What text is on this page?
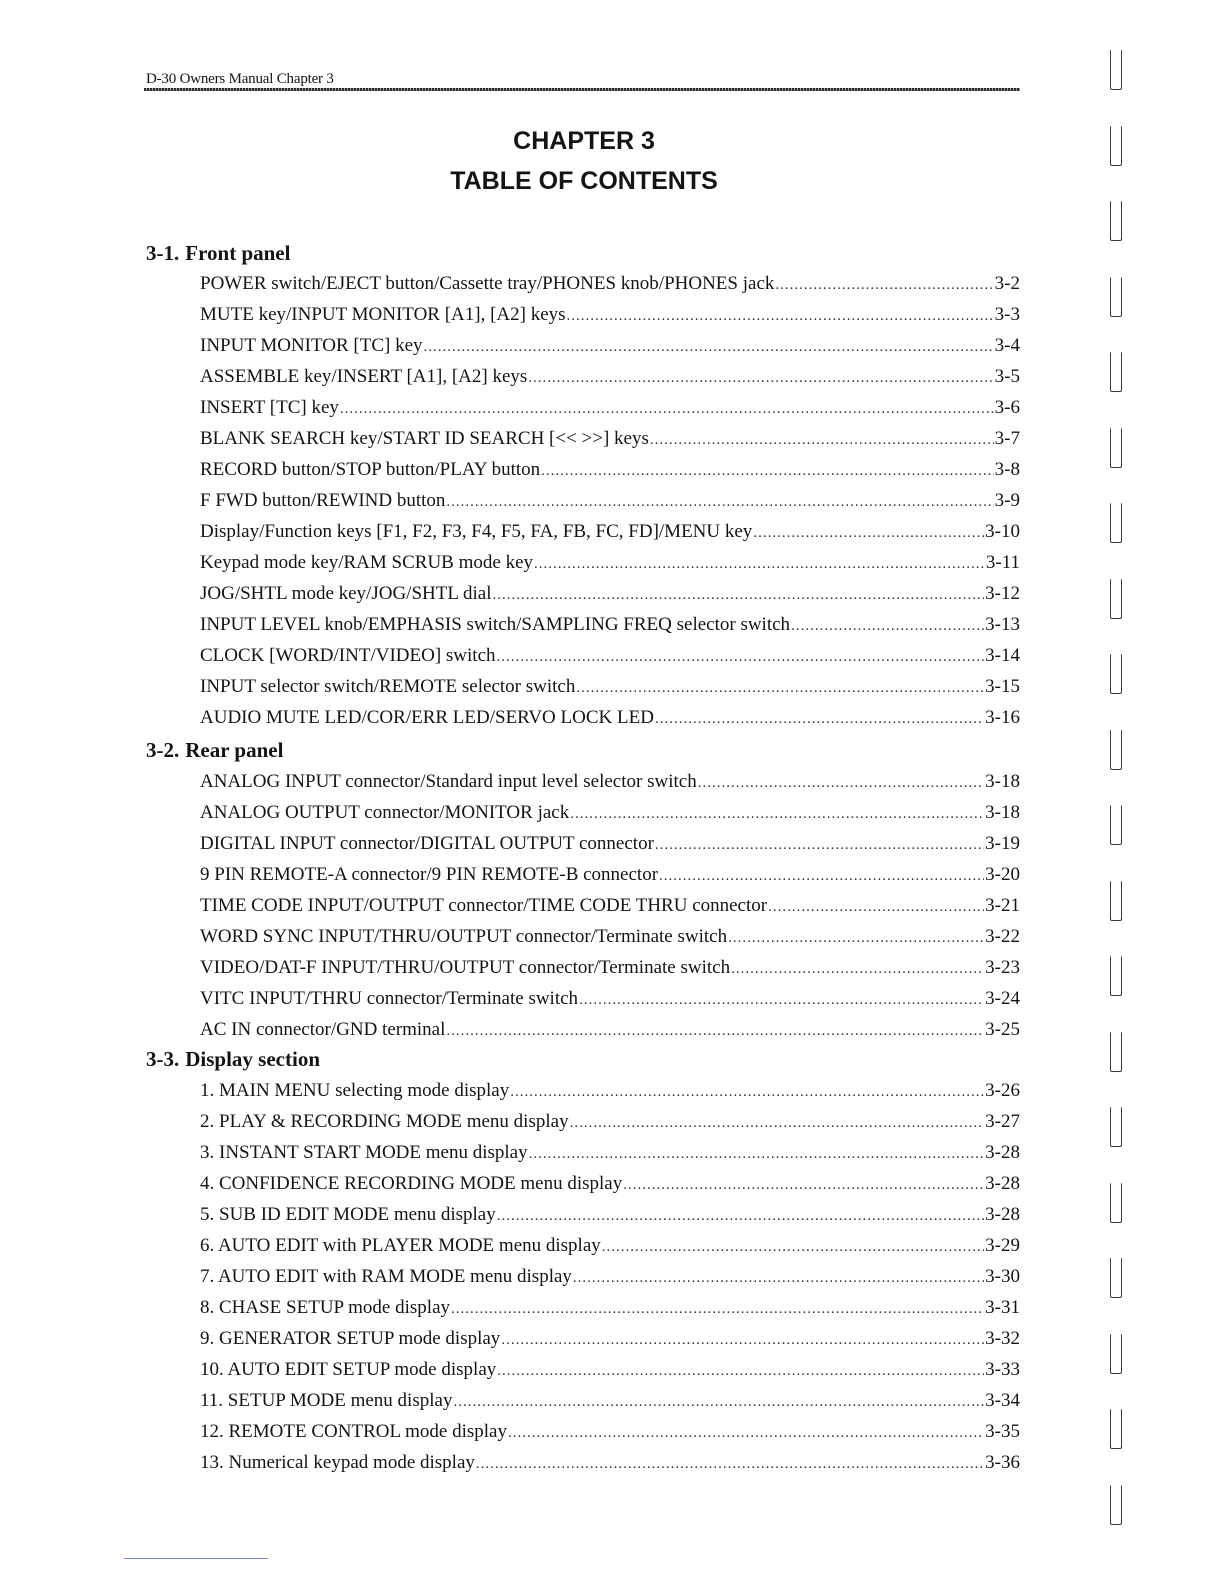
D-30 Owners Manual Chapter 3
CHAPTER 3
TABLE OF CONTENTS
3-1. Front panel
POWER switch/EJECT button/Cassette tray/PHONES knob/PHONES jack .....	3-2
MUTE key/INPUT MONITOR [A1], [A2] keys .....	3-3
INPUT MONITOR [TC] key .....	3-4
ASSEMBLE key/INSERT [A1], [A2] keys .....	3-5
INSERT [TC] key .....	3-6
BLANK SEARCH key/START ID SEARCH [<< >>] keys .....	3-7
RECORD button/STOP button/PLAY button .....	3-8
F FWD button/REWIND button .....	3-9
Display/Function keys [F1, F2, F3, F4, F5, FA, FB, FC, FD]/MENU key .....	3-10
Keypad mode key/RAM SCRUB mode key .....	3-11
JOG/SHTL mode key/JOG/SHTL dial .....	3-12
INPUT LEVEL knob/EMPHASIS switch/SAMPLING FREQ selector switch .....	3-13
CLOCK [WORD/INT/VIDEO] switch .....	3-14
INPUT selector switch/REMOTE selector switch .....	3-15
AUDIO MUTE LED/COR/ERR LED/SERVO LOCK LED .....	3-16
3-2. Rear panel
ANALOG INPUT connector/Standard input level selector switch .....	3-18
ANALOG OUTPUT connector/MONITOR jack .....	3-18
DIGITAL INPUT connector/DIGITAL OUTPUT connector .....	3-19
9 PIN REMOTE-A connector/9 PIN REMOTE-B connector .....	3-20
TIME CODE INPUT/OUTPUT connector/TIME CODE THRU connector .....	3-21
WORD SYNC INPUT/THRU/OUTPUT connector/Terminate switch .....	3-22
VIDEO/DAT-F INPUT/THRU/OUTPUT connector/Terminate switch .....	3-23
VITC INPUT/THRU connector/Terminate switch .....	3-24
AC IN connector/GND terminal .....	3-25
3-3. Display section
1. MAIN MENU selecting mode display .....	3-26
2. PLAY & RECORDING MODE menu display .....	3-27
3. INSTANT START MODE menu display .....	3-28
4. CONFIDENCE RECORDING MODE menu display .....	3-28
5. SUB ID EDIT MODE menu display .....	3-28
6. AUTO EDIT with PLAYER MODE menu display .....	3-29
7. AUTO EDIT with RAM MODE menu display .....	3-30
8. CHASE SETUP mode display .....	3-31
9. GENERATOR SETUP mode display .....	3-32
10. AUTO EDIT SETUP mode display .....	3-33
11. SETUP MODE menu display .....	3-34
12. REMOTE CONTROL mode display .....	3-35
13. Numerical keypad mode display .....	3-36
